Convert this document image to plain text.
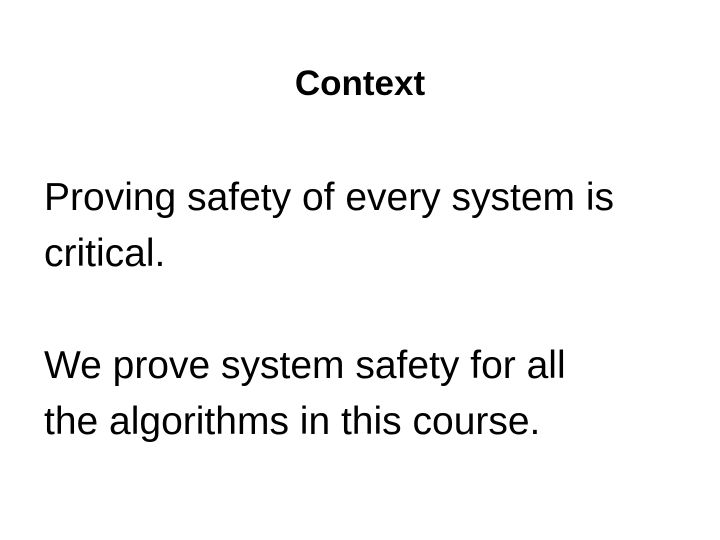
Context

Proving safety of every system is
critical.

We prove system safety for all
the algorithms in this course.
